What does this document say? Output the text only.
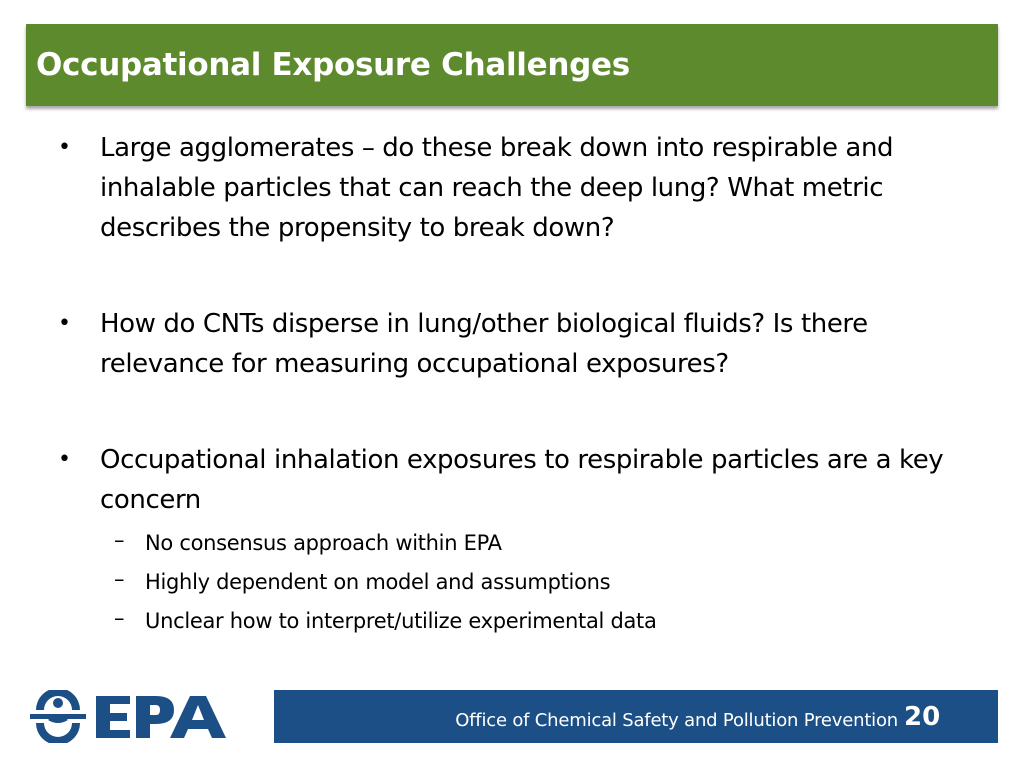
Occupational Exposure Challenges
• Large agglomerates – do these break down into respirable and inhalable particles that can reach the deep lung? What metric describes the propensity to break down?
• How do CNTs disperse in lung/other biological fluids? Is there relevance for measuring occupational exposures?
• Occupational inhalation exposures to respirable particles are a key concern
– No consensus approach within EPA
– Highly dependent on model and assumptions
– Unclear how to interpret/utilize experimental data
Office of Chemical Safety and Pollution Prevention 20
